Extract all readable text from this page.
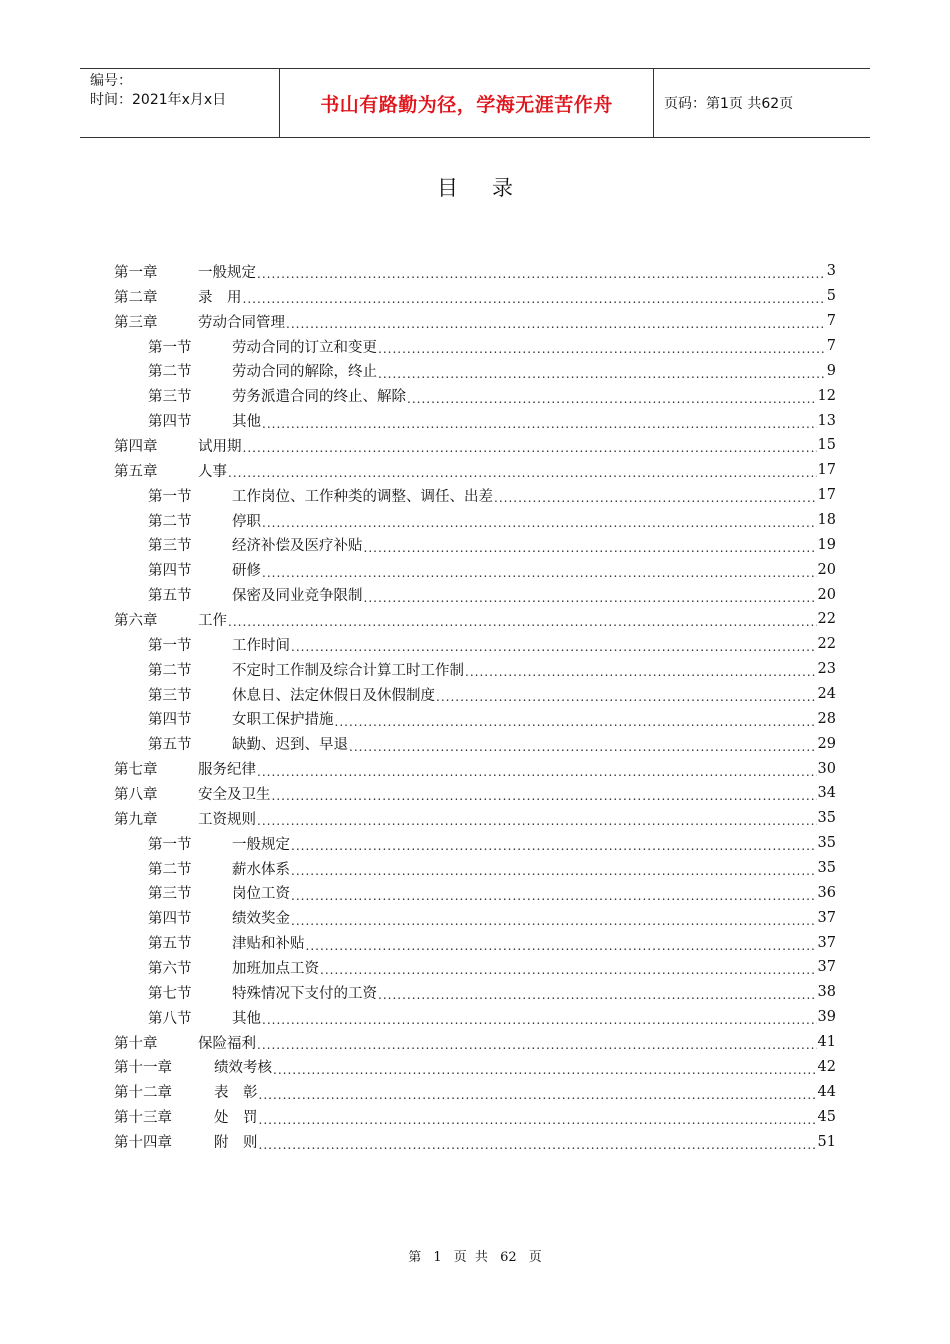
编号：
时间：2021年x月x日	书山有路勤为径，学海无涯苦作舟	页码：第1页 共62页
目录
第一章	一般规定 .....	3
第二章	录　用 .....	5
第三章	劳动合同管理 .....	7
第一节	劳动合同的订立和变更 .....	7
第二节	劳动合同的解除，终止 .....	9
第三节	劳务派遣合同的终止、解除 .....	12
第四节	其他 .....	13
第四章	试用期 .....	15
第五章	人事 .....	17
第一节	工作岗位、工作种类的调整、调任、出差 .....	17
第二节	停职 .....	18
第三节	经济补偿及医疗补贴 .....	19
第四节	研修 .....	20
第五节	保密及同业竞争限制 .....	20
第六章	工作 .....	22
第一节	工作时间 .....	22
第二节	不定时工作制及综合计算工时工作制 .....	23
第三节	休息日、法定休假日及休假制度 .....	24
第四节	女职工保护措施 .....	28
第五节	缺勤、迟到、早退 .....	29
第七章	服务纪律 .....	30
第八章	安全及卫生 .....	34
第九章	工资规则 .....	35
第一节	一般规定 .....	35
第二节	薪水体系 .....	35
第三节	岗位工资 .....	36
第四节	绩效奖金 .....	37
第五节	津贴和补贴 .....	37
第六节	加班加点工资 .....	37
第七节	特殊情况下支付的工资 .....	38
第八节	其他 .....	39
第十章	保险福利 .....	41
第十一章	绩效考核 .....	42
第十二章	表　彰 .....	44
第十三章	处　罚 .....	45
第十四章	附　则 .....	51
第 1 页 共 62 页
